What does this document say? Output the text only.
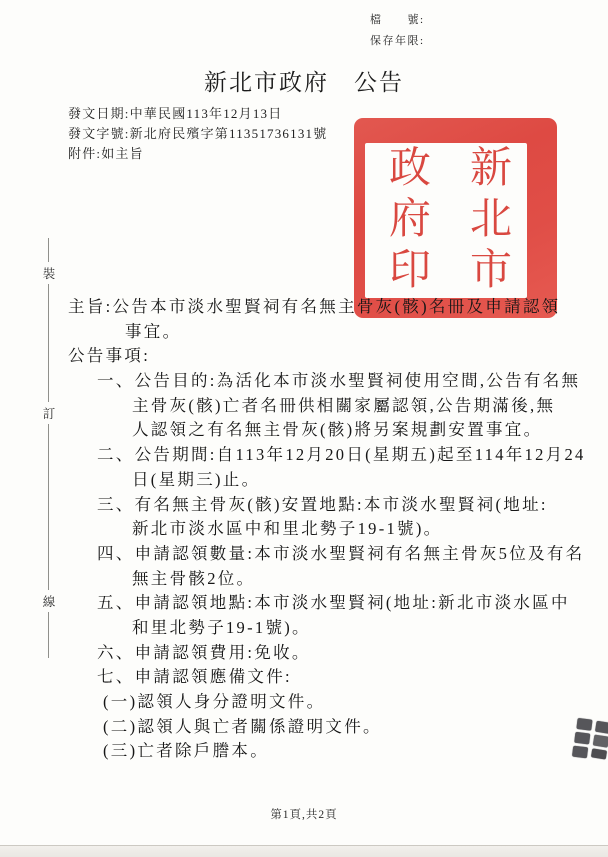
檔　　號:
保存年限:
新北市政府　公告
發文日期:中華民國113年12月13日
發文字號:新北府民殯字第11351736131號
附件:如主旨	新北市政府印
裝
訂
線
主旨:公告本市淡水聖賢祠有名無主骨灰(骸)名冊及申請認領
事宜。
公告事項:
一、公告目的:為活化本市淡水聖賢祠使用空間,公告有名無
主骨灰(骸)亡者名冊供相關家屬認領,公告期滿後,無
人認領之有名無主骨灰(骸)將另案規劃安置事宜。
二、公告期間:自113年12月20日(星期五)起至114年12月24
日(星期三)止。
三、有名無主骨灰(骸)安置地點:本市淡水聖賢祠(地址:
新北市淡水區中和里北勢子19-1號)。
四、申請認領數量:本市淡水聖賢祠有名無主骨灰5位及有名
無主骨骸2位。
五、申請認領地點:本市淡水聖賢祠(地址:新北市淡水區中
和里北勢子19-1號)。
六、申請認領費用:免收。
七、申請認領應備文件:
(一)認領人身分證明文件。
(二)認領人與亡者關係證明文件。
(三)亡者除戶謄本。
第1頁,共2頁
